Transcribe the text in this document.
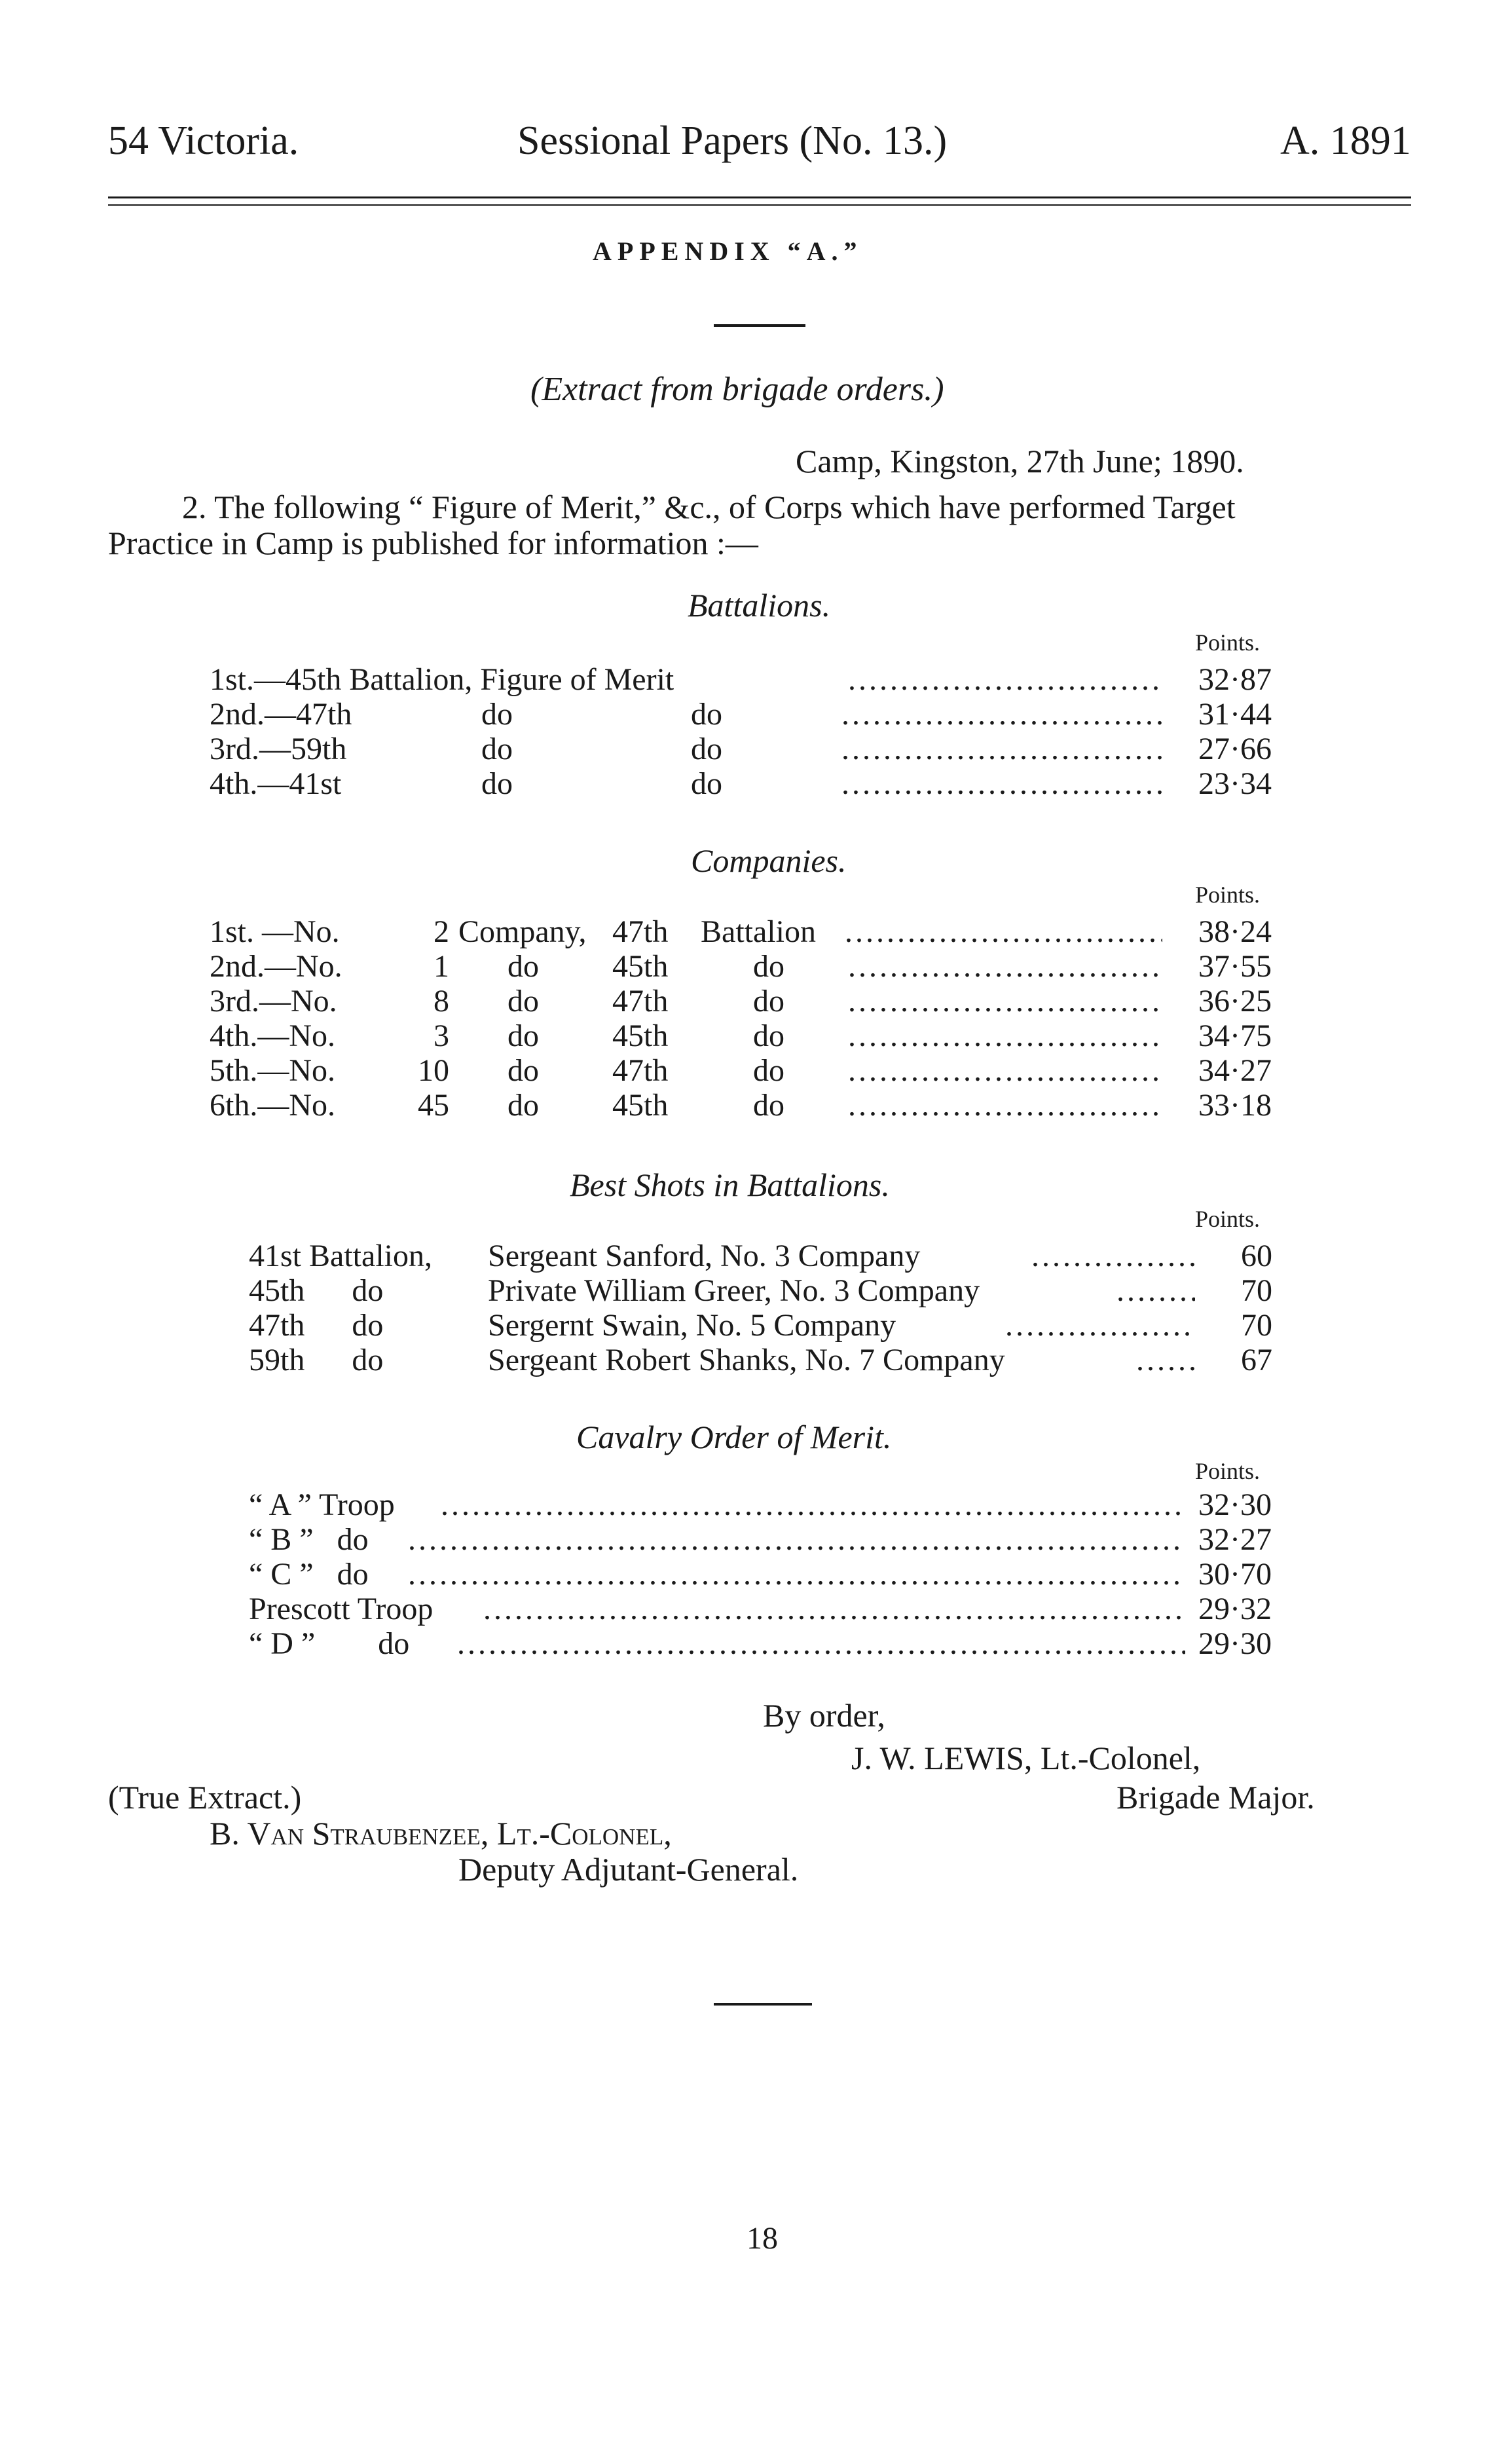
54 Victoria.	Sessional Papers (No. 13.)	A. 1891
APPENDIX “A.”
(Extract from brigade orders.)
Camp, Kingston, 27th June; 1890.
2. The following “ Figure of Merit,” &c., of Corps which have performed Target
Practice in Camp is published for information :—
Battalions.
Points.
1st.—45th Battalion, Figure of Merit .....	32·87
2nd.—47th	do	do .....	31·44
3rd.—59th	do	do .....	27·66
4th.—41st	do	do .....	23·34
Companies.
Points.
1st. —No.	2 Company, 47th Battalion .....	38·24
2nd.—No.	1 do 45th	do .....	37·55
3rd.—No.	8 do 47th	do .....	36·25
4th.—No.	3 do 45th	do .....	34·75
5th.—No.	10 do 47th	do .....	34·27
6th.—No.	45 do 45th	do .....	33·18
Best Shots in Battalions.
Points.
41st Battalion, Sergeant Sanford, No. 3 Company .....	60
45th      do	Private William Greer, No. 3 Company .....	70
47th      do	Sergernt Swain, No. 5 Company .....	70
59th      do	Sergeant Robert Shanks, No. 7 Company .....	67
Cavalry Order of Merit.
Points.
“ A ” Troop .....	32·30
“ B ”   do .....	32·27
“ C ”   do .....	30·70
Prescott Troop .....	29·32
“ D ”        do .....	29·30
By order,
J. W. LEWIS, Lt.-Colonel,
(True Extract.)	Brigade Major.
B. Van Straubenzee, Lt.-Colonel,
Deputy Adjutant-General.
18
